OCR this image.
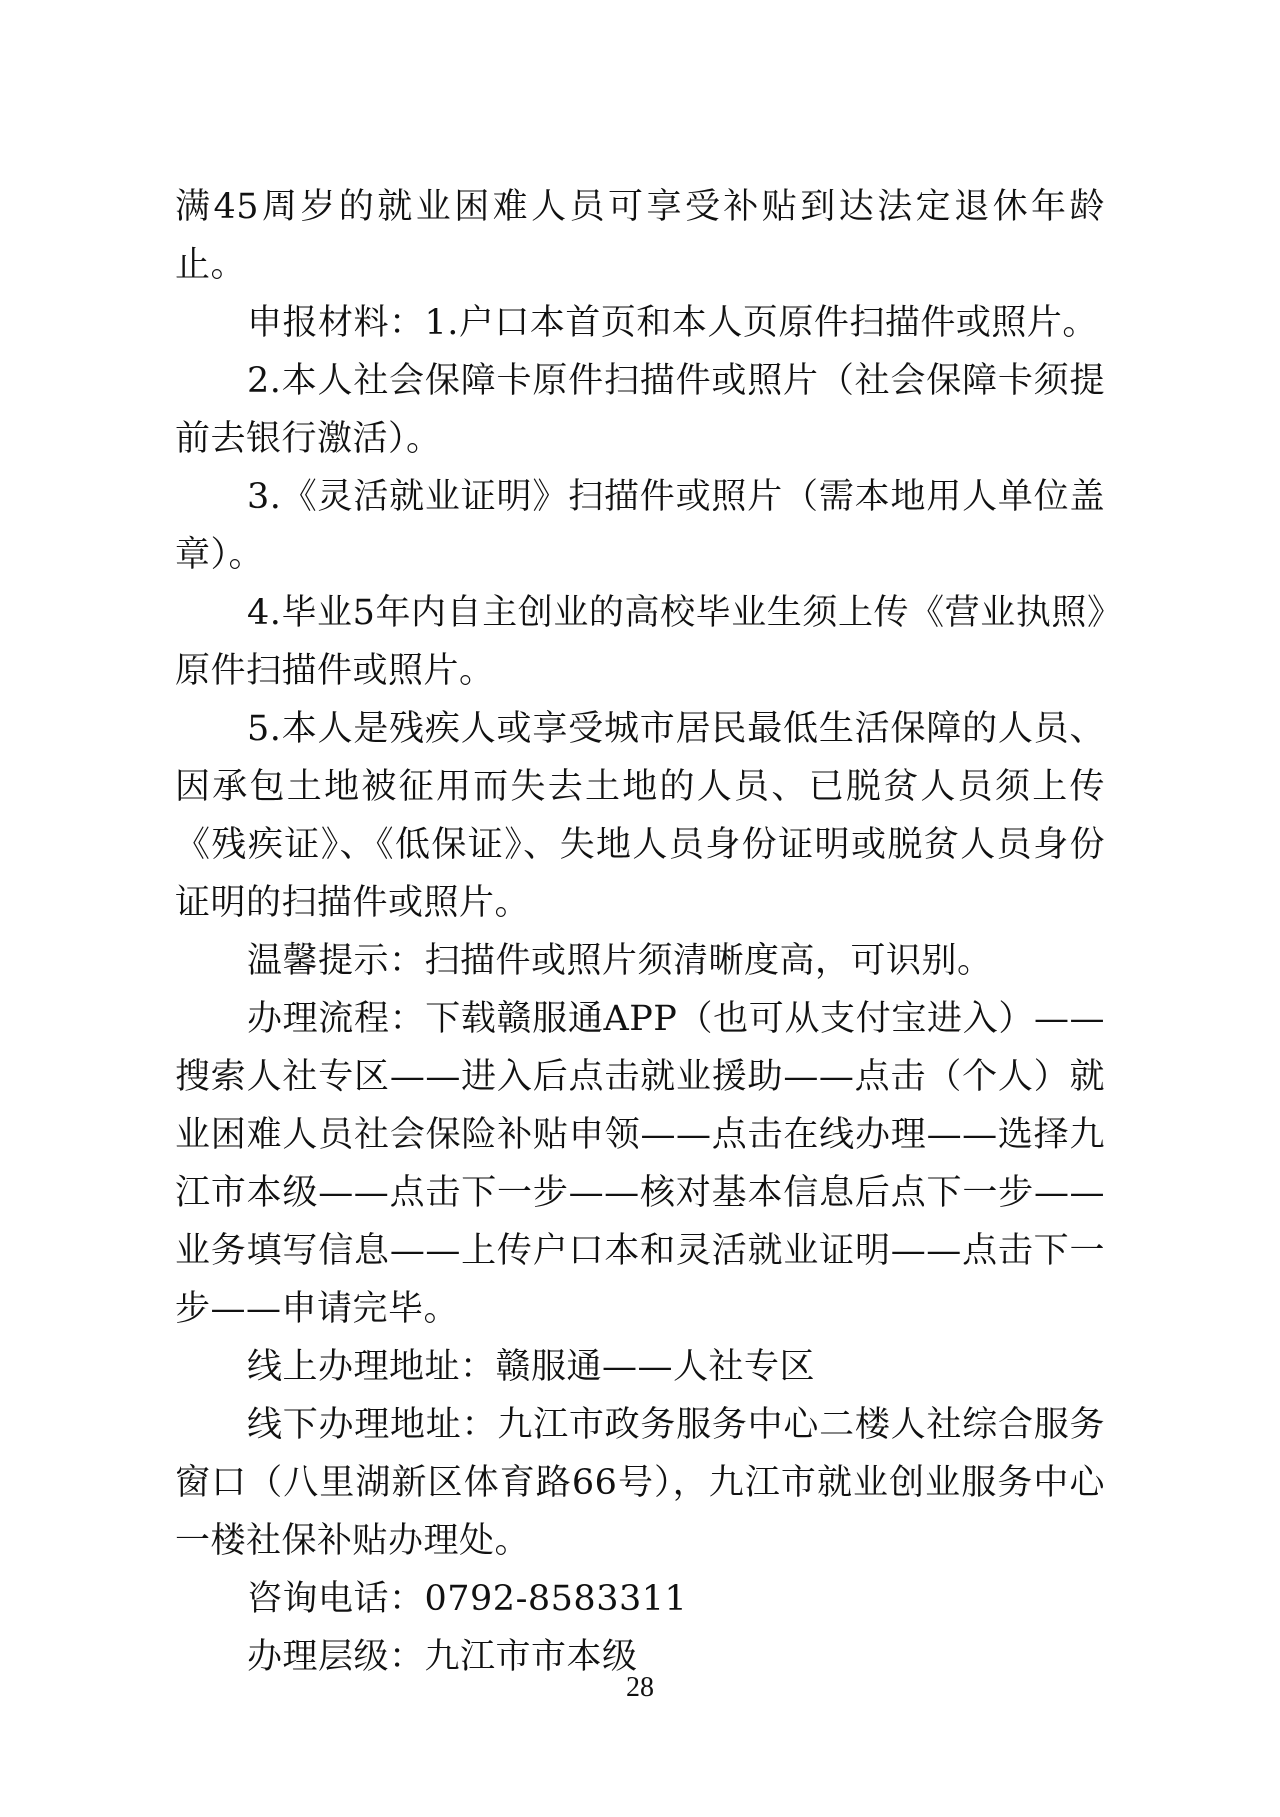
满45周岁的就业困难人员可享受补贴到达法定退休年龄止。

申报材料：1.户口本首页和本人页原件扫描件或照片。

2.本人社会保障卡原件扫描件或照片（社会保障卡须提前去银行激活）。

3.《灵活就业证明》扫描件或照片（需本地用人单位盖章）。

4.毕业5年内自主创业的高校毕业生须上传《营业执照》原件扫描件或照片。

5.本人是残疾人或享受城市居民最低生活保障的人员、因承包土地被征用而失去土地的人员、已脱贫人员须上传《残疾证》、《低保证》、失地人员身份证明或脱贫人员身份证明的扫描件或照片。

温馨提示：扫描件或照片须清晰度高，可识别。

办理流程：下载赣服通APP（也可从支付宝进入）——搜索人社专区——进入后点击就业援助——点击（个人）就业困难人员社会保险补贴申领——点击在线办理——选择九江市本级——点击下一步——核对基本信息后点下一步——业务填写信息——上传户口本和灵活就业证明——点击下一步——申请完毕。

线上办理地址：赣服通——人社专区

线下办理地址：九江市政务服务中心二楼人社综合服务窗口（八里湖新区体育路66号），九江市就业创业服务中心一楼社保补贴办理处。

咨询电话：0792-8583311

办理层级：九江市市本级

28
